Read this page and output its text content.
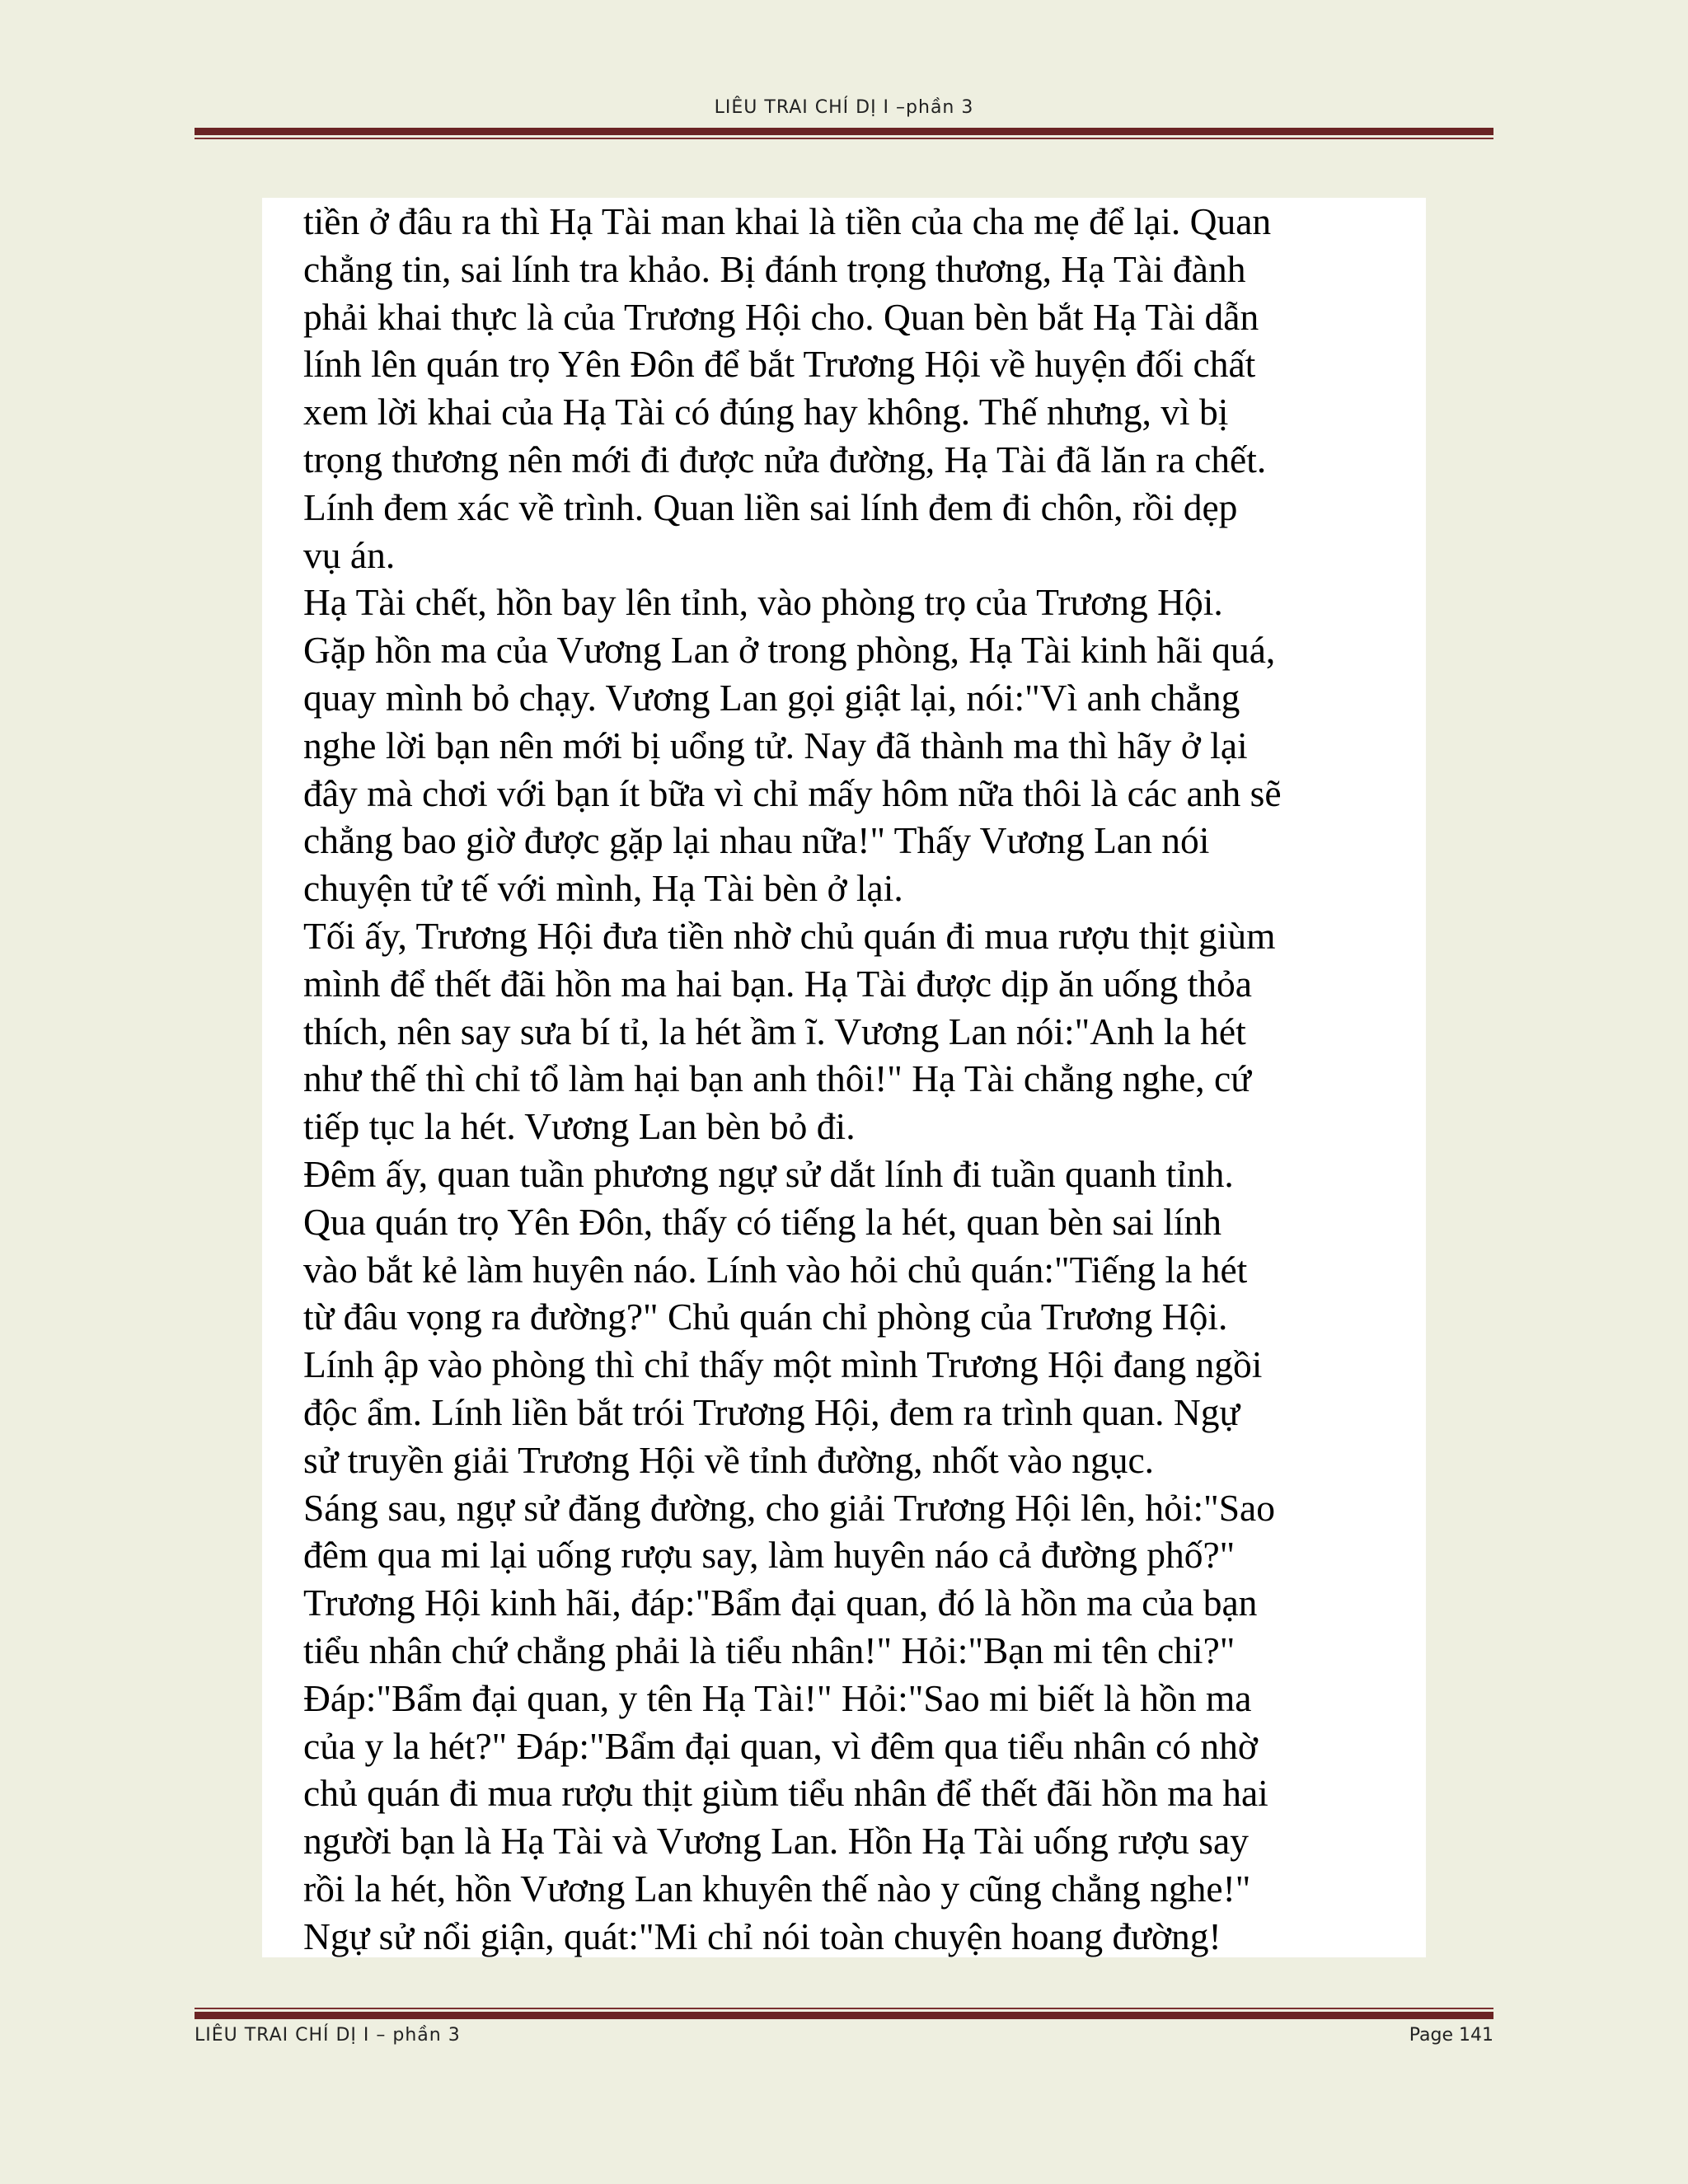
LIÊU TRAI CHÍ DỊ I –phần 3
tiền ở đâu ra thì Hạ Tài man khai là tiền của cha mẹ để lại. Quan
chẳng tin, sai lính tra khảo. Bị đánh trọng thương, Hạ Tài đành
phải khai thực là của Trương Hội cho. Quan bèn bắt Hạ Tài dẫn
lính lên quán trọ Yên Đôn để bắt Trương Hội về huyện đối chất
xem lời khai của Hạ Tài có đúng hay không. Thế nhưng, vì bị
trọng thương nên mới đi được nửa đường, Hạ Tài đã lăn ra chết.
Lính đem xác về trình. Quan liền sai lính đem đi chôn, rồi dẹp
vụ án.
Hạ Tài chết, hồn bay lên tỉnh, vào phòng trọ của Trương Hội.
Gặp hồn ma của Vương Lan ở trong phòng, Hạ Tài kinh hãi quá,
quay mình bỏ chạy. Vương Lan gọi giật lại, nói:"Vì anh chẳng
nghe lời bạn nên mới bị uổng tử. Nay đã thành ma thì hãy ở lại
đây mà chơi với bạn ít bữa vì chỉ mấy hôm nữa thôi là các anh sẽ
chẳng bao giờ được gặp lại nhau nữa!" Thấy Vương Lan nói
chuyện tử tế với mình, Hạ Tài bèn ở lại.
Tối ấy, Trương Hội đưa tiền nhờ chủ quán đi mua rượu thịt giùm
mình để thết đãi hồn ma hai bạn. Hạ Tài được dịp ăn uống thỏa
thích, nên say sưa bí tỉ, la hét ầm ĩ. Vương Lan nói:"Anh la hét
như thế thì chỉ tổ làm hại bạn anh thôi!" Hạ Tài chẳng nghe, cứ
tiếp tục la hét. Vương Lan bèn bỏ đi.
Đêm ấy, quan tuần phương ngự sử dắt lính đi tuần quanh tỉnh.
Qua quán trọ Yên Đôn, thấy có tiếng la hét, quan bèn sai lính
vào bắt kẻ làm huyên náo. Lính vào hỏi chủ quán:"Tiếng la hét
từ đâu vọng ra đường?" Chủ quán chỉ phòng của Trương Hội.
Lính ập vào phòng thì chỉ thấy một mình Trương Hội đang ngồi
độc ẩm. Lính liền bắt trói Trương Hội, đem ra trình quan. Ngự
sử truyền giải Trương Hội về tỉnh đường, nhốt vào ngục.
Sáng sau, ngự sử đăng đường, cho giải Trương Hội lên, hỏi:"Sao
đêm qua mi lại uống rượu say, làm huyên náo cả đường phố?"
Trương Hội kinh hãi, đáp:"Bẩm đại quan, đó là hồn ma của bạn
tiểu nhân chứ chẳng phải là tiểu nhân!" Hỏi:"Bạn mi tên chi?"
Đáp:"Bẩm đại quan, y tên Hạ Tài!" Hỏi:"Sao mi biết là hồn ma
của y la hét?" Đáp:"Bẩm đại quan, vì đêm qua tiểu nhân có nhờ
chủ quán đi mua rượu thịt giùm tiểu nhân để thết đãi hồn ma hai
người bạn là Hạ Tài và Vương Lan. Hồn Hạ Tài uống rượu say
rồi la hét, hồn Vương Lan khuyên thế nào y cũng chẳng nghe!"
Ngự sử nổi giận, quát:"Mi chỉ nói toàn chuyện hoang đường!
LIÊU TRAI CHÍ DỊ I – phần 3	Page 141
